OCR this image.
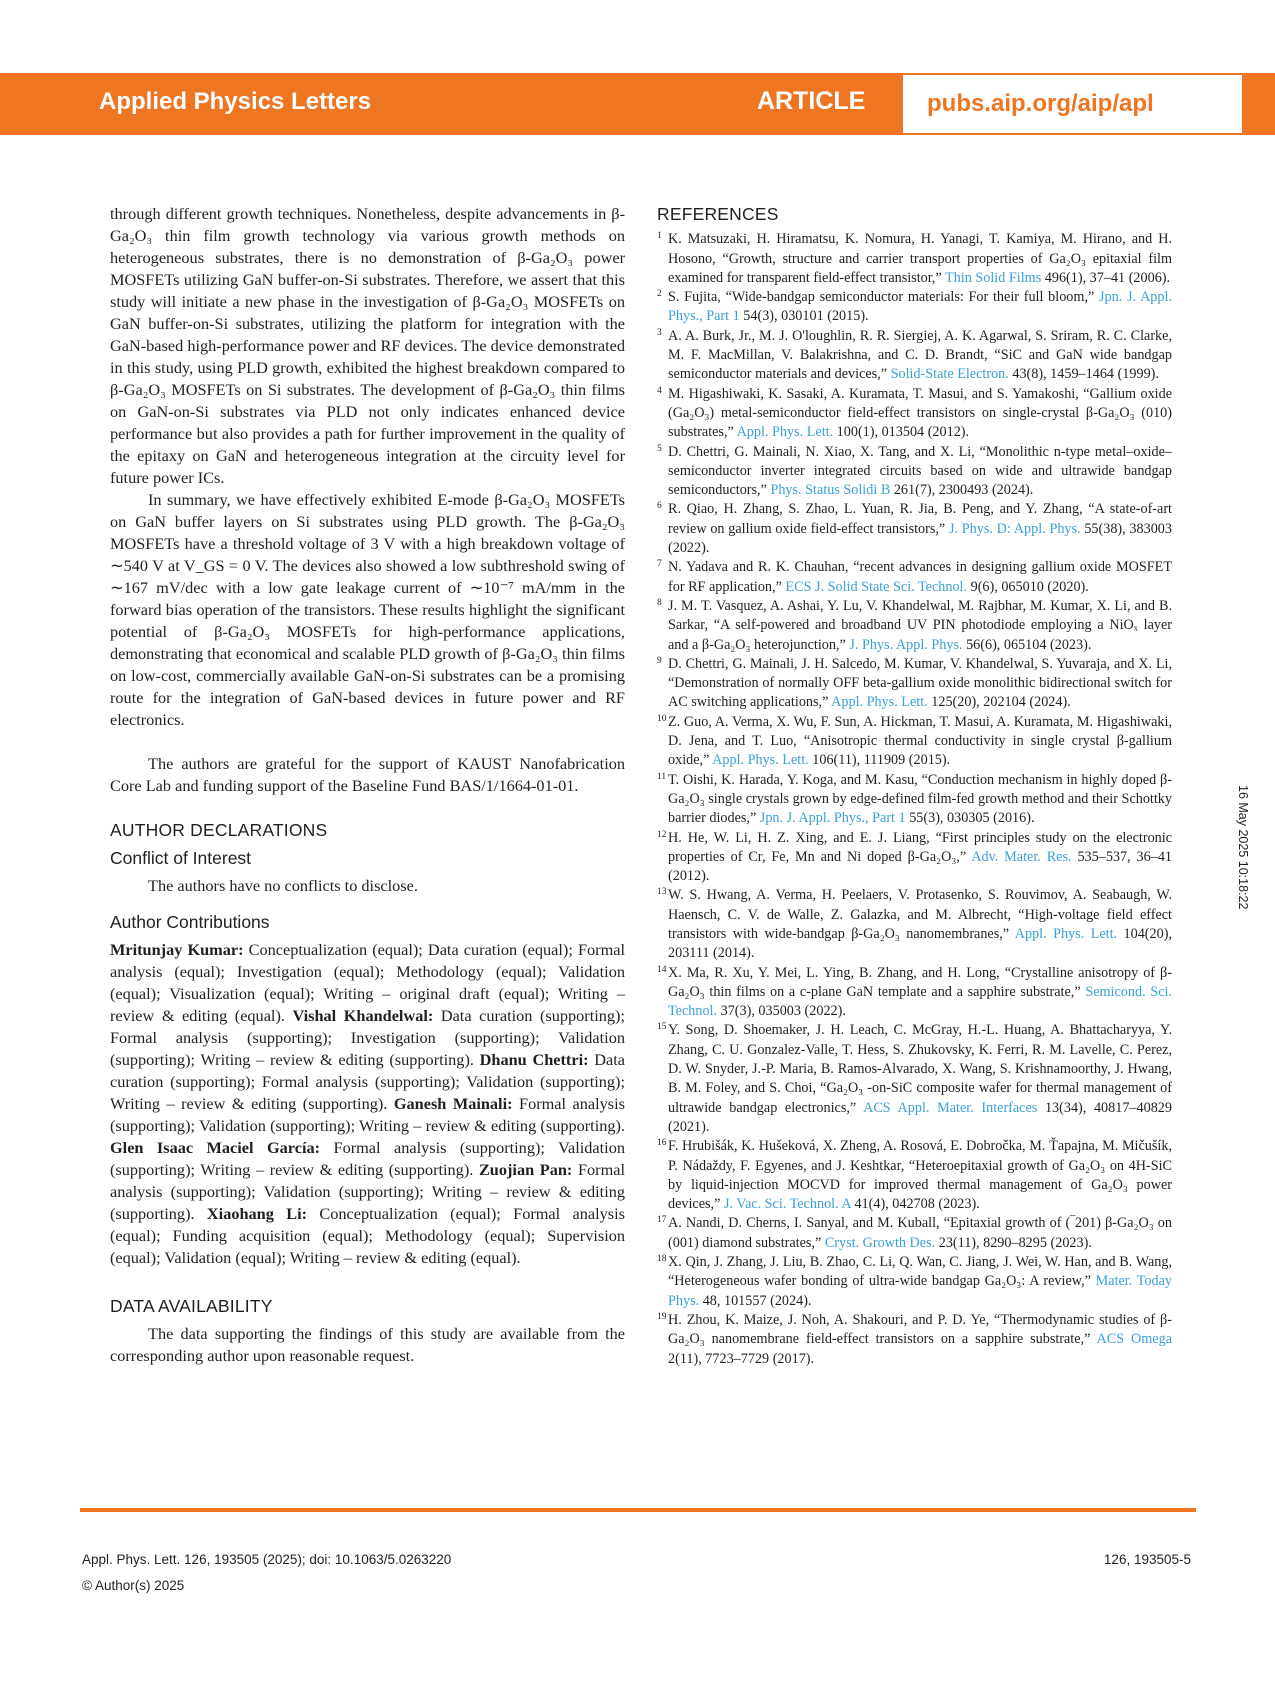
Applied Physics Letters	ARTICLE	pubs.aip.org/aip/apl

through different growth techniques. Nonetheless, despite advancements in β-Ga₂O₃ thin film growth technology via various growth methods on heterogeneous substrates, there is no demonstration of β-Ga₂O₃ power MOSFETs utilizing GaN buffer-on-Si substrates. Therefore, we assert that this study will initiate a new phase in the investigation of β-Ga₂O₃ MOSFETs on GaN buffer-on-Si substrates, utilizing the platform for integration with the GaN-based high-performance power and RF devices. The device demonstrated in this study, using PLD growth, exhibited the highest breakdown compared to β-Ga₂O₃ MOSFETs on Si substrates. The development of β-Ga₂O₃ thin films on GaN-on-Si substrates via PLD not only indicates enhanced device performance but also provides a path for further improvement in the quality of the epitaxy on GaN and heterogeneous integration at the circuity level for future power ICs.

In summary, we have effectively exhibited E-mode β-Ga₂O₃ MOSFETs on GaN buffer layers on Si substrates using PLD growth. The β-Ga₂O₃ MOSFETs have a threshold voltage of 3 V with a high breakdown voltage of ∼540 V at V_GS = 0 V. The devices also showed a low subthreshold swing of ∼167 mV/dec with a low gate leakage current of ∼10⁻⁷ mA/mm in the forward bias operation of the transistors. These results highlight the significant potential of β-Ga₂O₃ MOSFETs for high-performance applications, demonstrating that economical and scalable PLD growth of β-Ga₂O₃ thin films on low-cost, commercially available GaN-on-Si substrates can be a promising route for the integration of GaN-based devices in future power and RF electronics.

The authors are grateful for the support of KAUST Nanofabrication Core Lab and funding support of the Baseline Fund BAS/1/1664-01-01.

AUTHOR DECLARATIONS
Conflict of Interest

The authors have no conflicts to disclose.

Author Contributions

Mritunjay Kumar: Conceptualization (equal); Data curation (equal); Formal analysis (equal); Investigation (equal); Methodology (equal); Validation (equal); Visualization (equal); Writing – original draft (equal); Writing – review & editing (equal). Vishal Khandelwal: Data curation (supporting); Formal analysis (supporting); Investigation (supporting); Validation (supporting); Writing – review & editing (supporting). Dhanu Chettri: Data curation (supporting); Formal analysis (supporting); Validation (supporting); Writing – review & editing (supporting). Ganesh Mainali: Formal analysis (supporting); Validation (supporting); Writing – review & editing (supporting). Glen Isaac Maciel García: Formal analysis (supporting); Validation (supporting); Writing – review & editing (supporting). Zuojian Pan: Formal analysis (supporting); Validation (supporting); Writing – review & editing (supporting). Xiaohang Li: Conceptualization (equal); Formal analysis (equal); Funding acquisition (equal); Methodology (equal); Supervision (equal); Validation (equal); Writing – review & editing (equal).

DATA AVAILABILITY

The data supporting the findings of this study are available from the corresponding author upon reasonable request.

REFERENCES
1 K. Matsuzaki, H. Hiramatsu, K. Nomura, H. Yanagi, T. Kamiya, M. Hirano, and H. Hosono, “Growth, structure and carrier transport properties of Ga₂O₃ epitaxial film examined for transparent field-effect transistor,” Thin Solid Films 496(1), 37–41 (2006).
2 S. Fujita, “Wide-bandgap semiconductor materials: For their full bloom,” Jpn. J. Appl. Phys., Part 1 54(3), 030101 (2015).
3 A. A. Burk, Jr., M. J. O'loughlin, R. R. Siergiej, A. K. Agarwal, S. Sriram, R. C. Clarke, M. F. MacMillan, V. Balakrishna, and C. D. Brandt, “SiC and GaN wide bandgap semiconductor materials and devices,” Solid-State Electron. 43(8), 1459–1464 (1999).
4 M. Higashiwaki, K. Sasaki, A. Kuramata, T. Masui, and S. Yamakoshi, “Gallium oxide (Ga₂O₃) metal-semiconductor field-effect transistors on single-crystal β-Ga₂O₃ (010) substrates,” Appl. Phys. Lett. 100(1), 013504 (2012).
5 D. Chettri, G. Mainali, N. Xiao, X. Tang, and X. Li, “Monolithic n-type metal–oxide–semiconductor inverter integrated circuits based on wide and ultrawide bandgap semiconductors,” Phys. Status Solidi B 261(7), 2300493 (2024).
6 R. Qiao, H. Zhang, S. Zhao, L. Yuan, R. Jia, B. Peng, and Y. Zhang, “A state-of-art review on gallium oxide field-effect transistors,” J. Phys. D: Appl. Phys. 55(38), 383003 (2022).
7 N. Yadava and R. K. Chauhan, “recent advances in designing gallium oxide MOSFET for RF application,” ECS J. Solid State Sci. Technol. 9(6), 065010 (2020).
8 J. M. T. Vasquez, A. Ashai, Y. Lu, V. Khandelwal, M. Rajbhar, M. Kumar, X. Li, and B. Sarkar, “A self-powered and broadband UV PIN photodiode employing a NiOₓ layer and a β-Ga₂O₃ heterojunction,” J. Phys. Appl. Phys. 56(6), 065104 (2023).
9 D. Chettri, G. Mainali, J. H. Salcedo, M. Kumar, V. Khandelwal, S. Yuvaraja, and X. Li, “Demonstration of normally OFF beta-gallium oxide monolithic bidirectional switch for AC switching applications,” Appl. Phys. Lett. 125(20), 202104 (2024).
10 Z. Guo, A. Verma, X. Wu, F. Sun, A. Hickman, T. Masui, A. Kuramata, M. Higashiwaki, D. Jena, and T. Luo, “Anisotropic thermal conductivity in single crystal β-gallium oxide,” Appl. Phys. Lett. 106(11), 111909 (2015).
11 T. Oishi, K. Harada, Y. Koga, and M. Kasu, “Conduction mechanism in highly doped β-Ga₂O₃ single crystals grown by edge-defined film-fed growth method and their Schottky barrier diodes,” Jpn. J. Appl. Phys., Part 1 55(3), 030305 (2016).
12 H. He, W. Li, H. Z. Xing, and E. J. Liang, “First principles study on the electronic properties of Cr, Fe, Mn and Ni doped β-Ga₂O₃,” Adv. Mater. Res. 535–537, 36–41 (2012).
13 W. S. Hwang, A. Verma, H. Peelaers, V. Protasenko, S. Rouvimov, A. Seabaugh, W. Haensch, C. V. de Walle, Z. Galazka, and M. Albrecht, “High-voltage field effect transistors with wide-bandgap β-Ga₂O₃ nanomembranes,” Appl. Phys. Lett. 104(20), 203111 (2014).
14 X. Ma, R. Xu, Y. Mei, L. Ying, B. Zhang, and H. Long, “Crystalline anisotropy of β-Ga₂O₃ thin films on a c-plane GaN template and a sapphire substrate,” Semicond. Sci. Technol. 37(3), 035003 (2022).
15 Y. Song, D. Shoemaker, J. H. Leach, C. McGray, H.-L. Huang, A. Bhattacharyya, Y. Zhang, C. U. Gonzalez-Valle, T. Hess, S. Zhukovsky, K. Ferri, R. M. Lavelle, C. Perez, D. W. Snyder, J.-P. Maria, B. Ramos-Alvarado, X. Wang, S. Krishnamoorthy, J. Hwang, B. M. Foley, and S. Choi, “Ga₂O₃ -on-SiC composite wafer for thermal management of ultrawide bandgap electronics,” ACS Appl. Mater. Interfaces 13(34), 40817–40829 (2021).
16 F. Hrubišák, K. Hušeková, X. Zheng, A. Rosová, E. Dobročka, M. Ťapajna, M. Mičušík, P. Nádaždy, F. Egyenes, and J. Keshtkar, “Heteroepitaxial growth of Ga₂O₃ on 4H-SiC by liquid-injection MOCVD for improved thermal management of Ga₂O₃ power devices,” J. Vac. Sci. Technol. A 41(4), 042708 (2023).
17 A. Nandi, D. Cherns, I. Sanyal, and M. Kuball, “Epitaxial growth of (‾201) β-Ga₂O₃ on (001) diamond substrates,” Cryst. Growth Des. 23(11), 8290–8295 (2023).
18 X. Qin, J. Zhang, J. Liu, B. Zhao, C. Li, Q. Wan, C. Jiang, J. Wei, W. Han, and B. Wang, “Heterogeneous wafer bonding of ultra-wide bandgap Ga₂O₃: A review,” Mater. Today Phys. 48, 101557 (2024).
19 H. Zhou, K. Maize, J. Noh, A. Shakouri, and P. D. Ye, “Thermodynamic studies of β-Ga₂O₃ nanomembrane field-effect transistors on a sapphire substrate,” ACS Omega 2(11), 7723–7729 (2017).
16 May 2025 10:18:22
Appl. Phys. Lett. 126, 193505 (2025); doi: 10.1063/5.0263220
© Author(s) 2025
126, 193505-5
